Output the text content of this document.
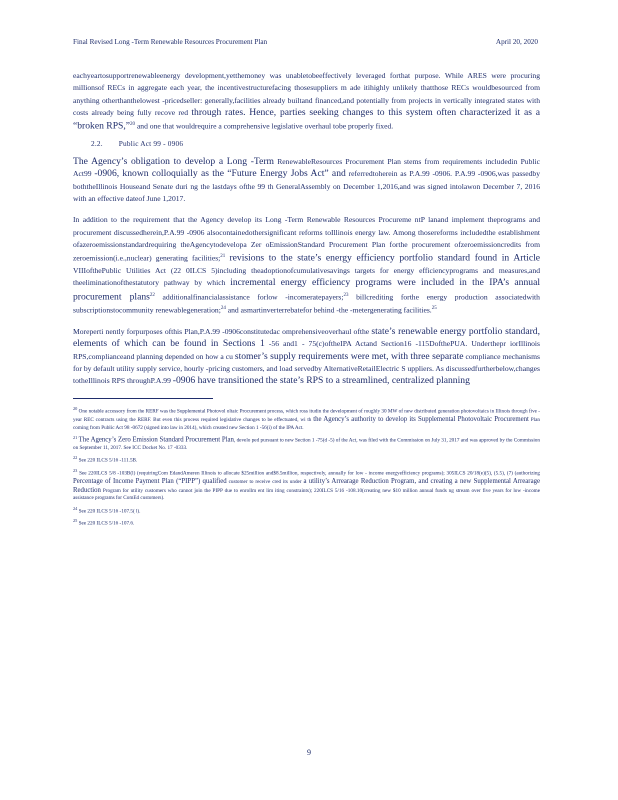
Final Revised Long -Term Renewable Resources Procurement Plan	April 20, 2020

eachyeartosupportrenewableenergy development,yetthemoney was unabletobeeffectively leveraged forthat purpose. While ARES were procuring millionsof RECs in aggregate each year, the incentivestructurefacing thosesuppliers m ade itihighly unlikely thatthose RECs wouldbesourced from anything otherthanthelowest -pricedseller: generally,facilities already builtand financed,and potentially from projects in vertically integrated states with costs already being fully recove red through rates. Hence, parties seeking changes to this system often characterized it as a “broken RPS,”$^{20}$ and one that wouldrequire a comprehensive legislative overhaul tobe properly fixed.

2.2. Public Act 99 - 0906

The Agency’s obligation to develop a Long -Term RenewableResources Procurement Plan stems from requirements includedin Public Act99 -0906, known colloquially as the “Future Energy Jobs Act” and referredtoherein as P.A.99 -0906. P.A.99 -0906,was passedby boththeIllinois Houseand Senate duri ng the lastdays ofthe 99 th GeneralAssembly on December 1,2016,and was signed intolawon December 7, 2016 with an effective dateof June 1,2017.

In addition to the requirement that the Agency develop its Long -Term Renewable Resources Procureme ntP lanand implement theprograms and procurement discussedherein,P.A.99 -0906 alsocontainedothersignificant reforms toIllinois energy law. Among thosereforms includedthe establishment ofazeroemissionstandardrequiring theAgencytodevelopa Zer oEmissionStandard Procurement Plan forthe procurement ofzeroemissioncredits from zeroemission(i.e.,nuclear) generating facilities;$^{21}$ revisions to the state’s energy efficiency portfolio standard found in Article VIIIofthePublic Utilities Act (22 0ILCS 5)including theadoptionofcumulativesavings targets for energy efficiencyprograms and measures,and theeliminationofthestatutory pathway by which incremental energy efficiency programs were included in the IPA’s annual procurement plans$^{22}$ additionalfinancialassistance forlow -incomeratepayers;$^{23}$ billcrediting forthe energy production associatedwith subscriptionstocommunity renewablegeneration;$^{24}$ and asmartinverterrebatefor behind -the -metergenerating facilities.$^{25}$

Moreperti nently forpurposes ofthis Plan,P.A.99 -0906constitutedac omprehensiveoverhaul ofthe state’s renewable energy portfolio standard, elements of which can be found in Sections 1 -56 and1 - 75(c)oftheIPA Actand Section16 -115DofthePUA. Underthepr iorIllinois RPS,complianceand planning depended on how a cu stomer’s supply requirements were met, with three separate compliance mechanisms for by default utility supply service, hourly -pricing customers, and load servedby AlternativeRetailElectric S uppliers. As discussedfurtherbelow,changes totheIllinois RPS throughP.A.99 -0906 have transitioned the state’s RPS to a streamlined, centralized planning

$^{20}$ One notable accessory from the RERF was the Supplemental Photovol oltaic Procurement process, which ross itudin the development of roughly 30 MW of new distributed generation photovoltaics in Illinois through five -year REC contracts using the RERF. But even this process required legislative changes to be effectuated, wi th the Agency’s authority to develop its Supplemental Photovoltaic Procurement Plan coming from Public Act 98 -0672 (signed into law in 2014), which created new Section 1 -56(i) of the IPA Act.

$^{21}$ The Agency’s Zero Emission Standard Procurement Plan, develo ped pursuant to new Section 1 -75(d -5) of the Act, was filed with the Commission on July 31, 2017 and was approved by the Commission on September 11, 2017. See ICC Docket No. 17 -0333.

$^{22}$ See 220 ILCS 5/16 -111.5B.

$^{23}$ See 220ILCS 5/8 -103B(l) (requiringCom EdandAmeren Illinois to allocate $25million and$8.5million, respectively, annually for low - income energyefficiency programs); 305ILCS 20/18(e)(5), (5.5), (7) (authorizing Percentage of Income Payment Plan (“PIPP”) qualified customer to receive cred its under a utility’s Arrearage Reduction Program, and creating a new Supplemental Arrearage Reduction Program for utility customers who cannot join the PIPP due to enrollm ent lim iting constraints); 220ILCS 5/16 -108.10(creating new $10 million annual funds ng stream over five years for low -income assistance programs for ComEd customers).

$^{24}$ See 220 ILCS 5/16 -107.5( l).

$^{25}$ See 220 ILCS 5/16 -107.6.

9
